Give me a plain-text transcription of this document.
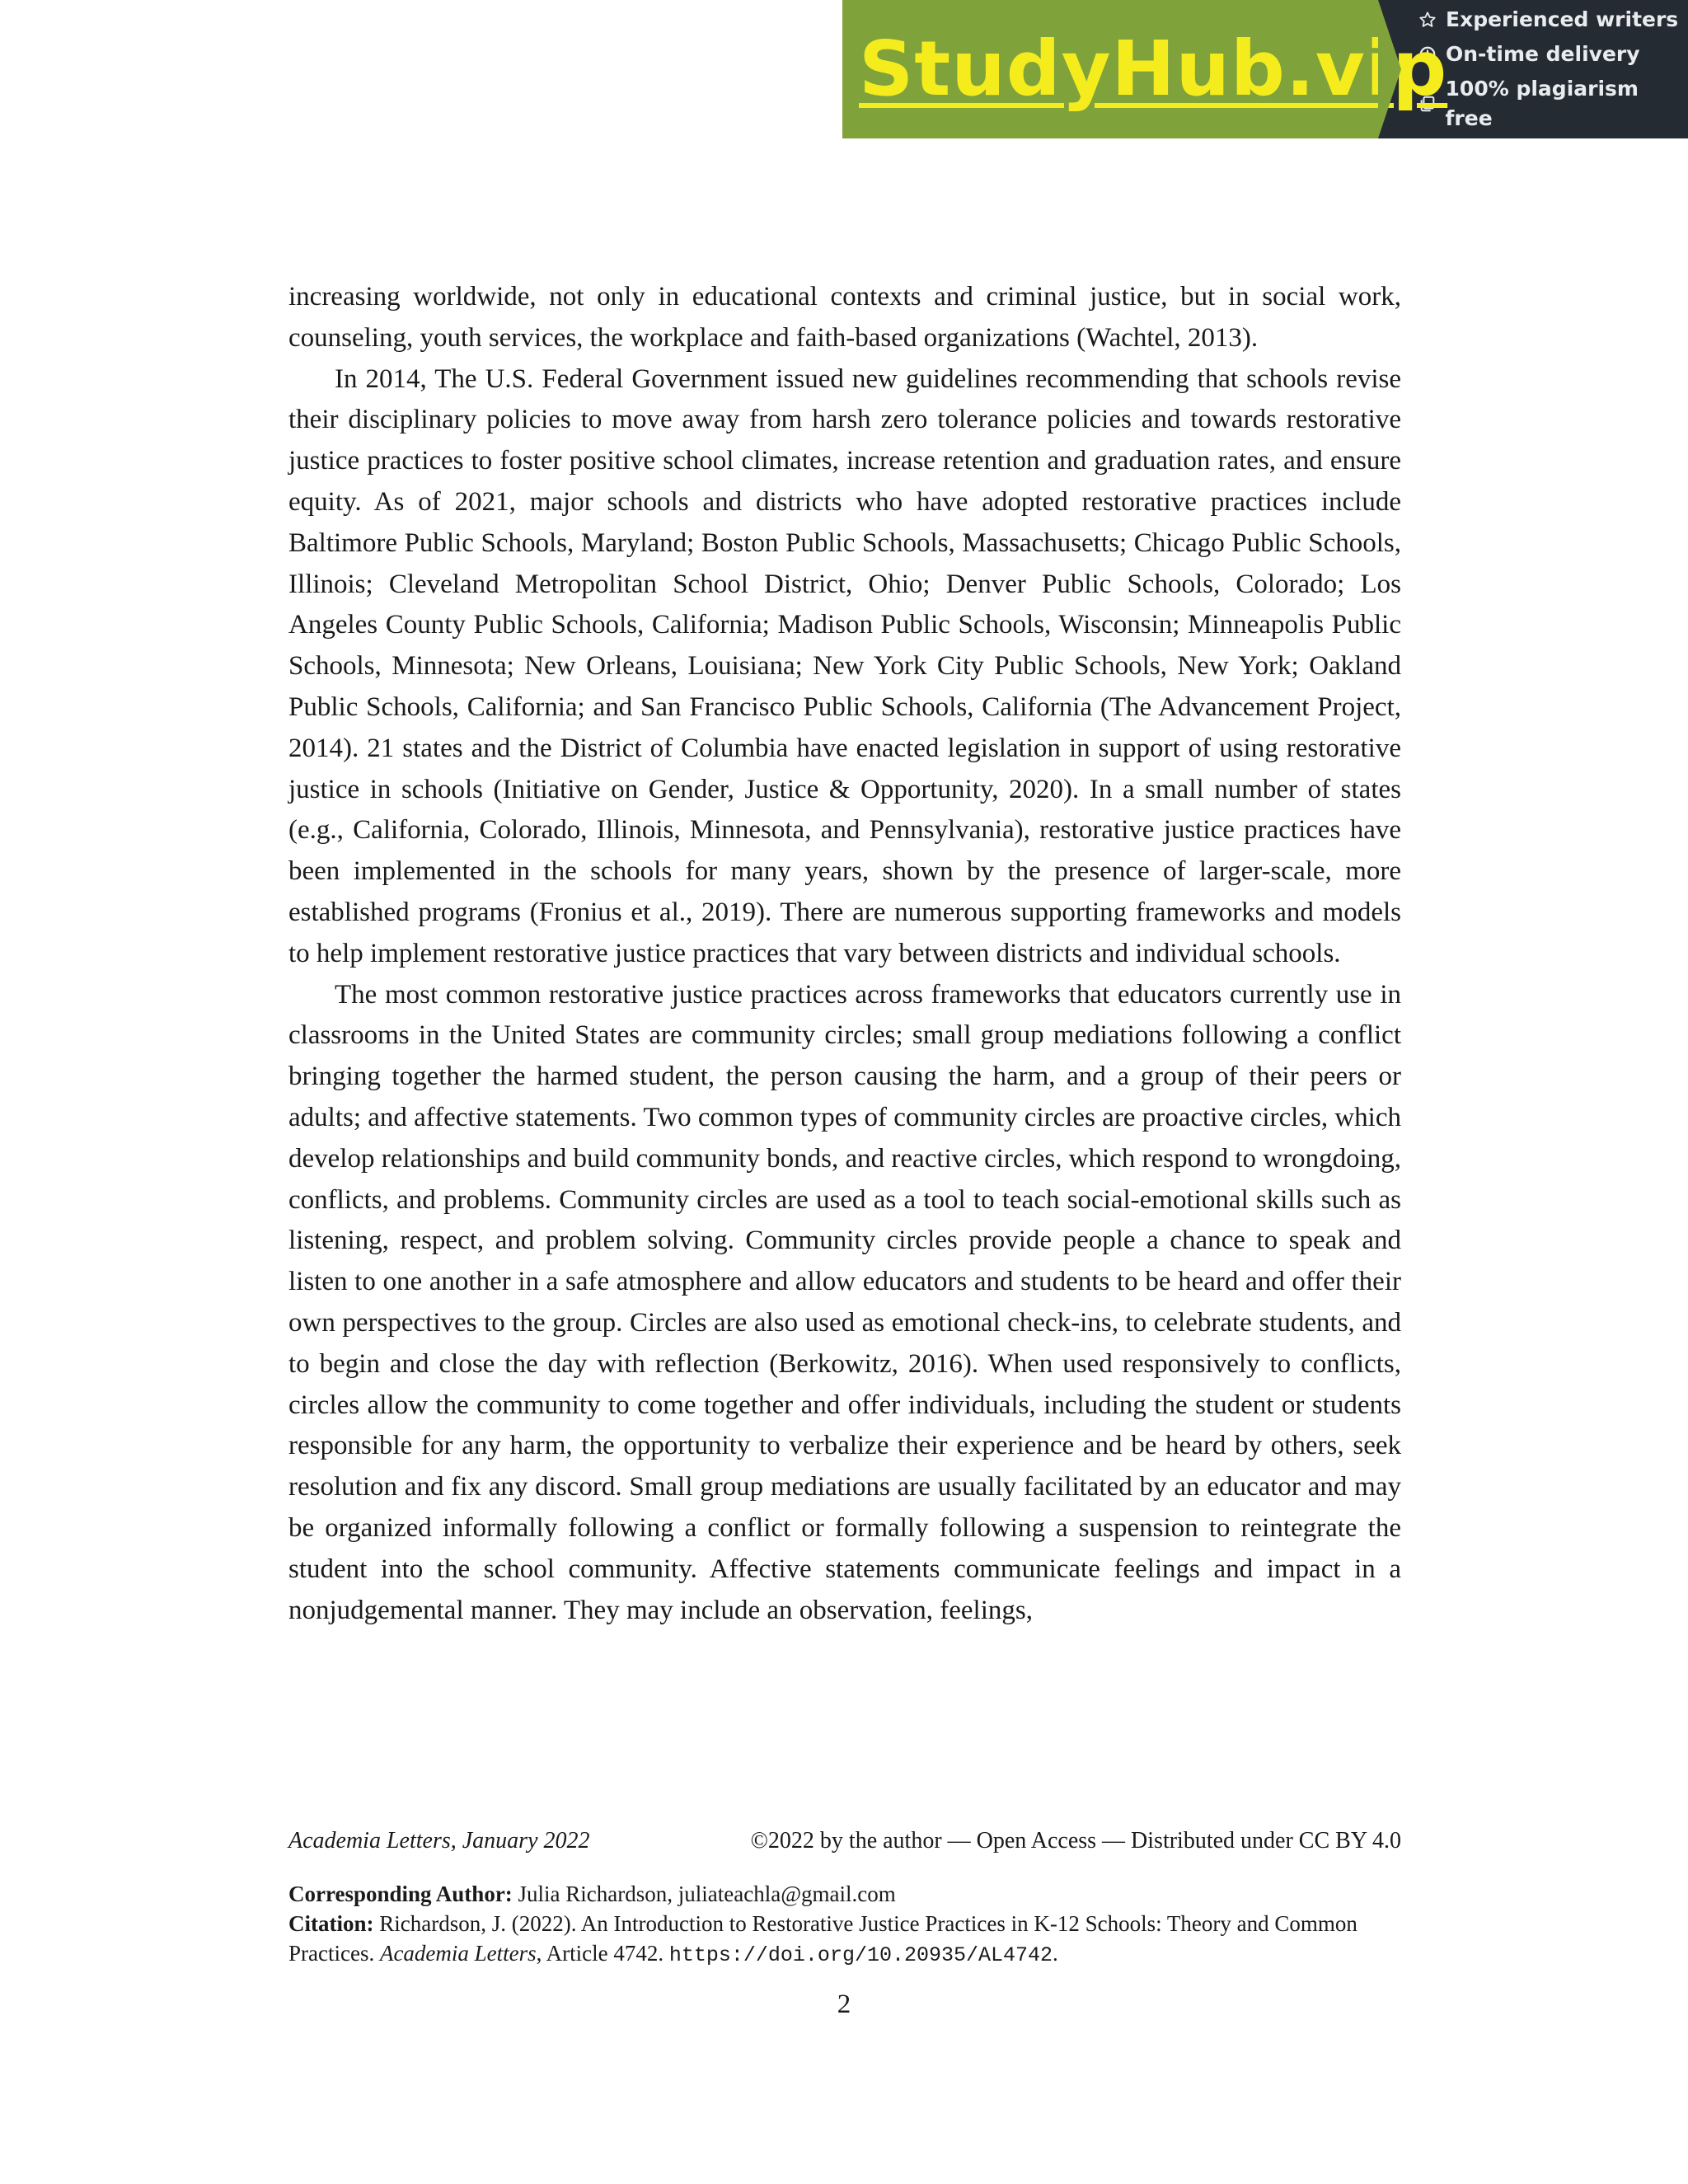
StudyHub.vip
Experienced writers
On-time delivery
100% plagiarism free

increasing worldwide, not only in educational contexts and criminal justice, but in social work, counseling, youth services, the workplace and faith-based organizations (Wachtel, 2013).

In 2014, The U.S. Federal Government issued new guidelines recommending that schools revise their disciplinary policies to move away from harsh zero tolerance policies and towards restorative justice practices to foster positive school climates, increase retention and graduation rates, and ensure equity. As of 2021, major schools and districts who have adopted restorative practices include Baltimore Public Schools, Maryland; Boston Public Schools, Massachusetts; Chicago Public Schools, Illinois; Cleveland Metropolitan School District, Ohio; Denver Public Schools, Colorado; Los Angeles County Public Schools, California; Madison Public Schools, Wisconsin; Minneapolis Public Schools, Minnesota; New Orleans, Louisiana; New York City Public Schools, New York; Oakland Public Schools, California; and San Francisco Public Schools, California (The Advancement Project, 2014). 21 states and the District of Columbia have enacted legislation in support of using restorative justice in schools (Initiative on Gender, Justice & Opportunity, 2020). In a small number of states (e.g., California, Colorado, Illinois, Minnesota, and Pennsylvania), restorative justice practices have been implemented in the schools for many years, shown by the presence of larger-scale, more established programs (Fronius et al., 2019). There are numerous supporting frameworks and models to help implement restorative justice practices that vary between districts and individual schools.

The most common restorative justice practices across frameworks that educators currently use in classrooms in the United States are community circles; small group mediations following a conflict bringing together the harmed student, the person causing the harm, and a group of their peers or adults; and affective statements. Two common types of community circles are proactive circles, which develop relationships and build community bonds, and reactive circles, which respond to wrongdoing, conflicts, and problems. Community circles are used as a tool to teach social-emotional skills such as listening, respect, and problem solving. Community circles provide people a chance to speak and listen to one another in a safe atmosphere and allow educators and students to be heard and offer their own perspectives to the group. Circles are also used as emotional check-ins, to celebrate students, and to begin and close the day with reflection (Berkowitz, 2016). When used responsively to conflicts, circles allow the community to come together and offer individuals, including the student or students responsible for any harm, the opportunity to verbalize their experience and be heard by others, seek resolution and fix any discord. Small group mediations are usually facilitated by an educator and may be organized informally following a conflict or formally following a suspension to reintegrate the student into the school community. Affective statements communicate feelings and impact in a nonjudgemental manner. They may include an observation, feelings,

Academia Letters, January 2022	©2022 by the author — Open Access — Distributed under CC BY 4.0
Corresponding Author: Julia Richardson, juliateachla@gmail.com
Citation: Richardson, J. (2022). An Introduction to Restorative Justice Practices in K-12 Schools: Theory and Common Practices. Academia Letters, Article 4742. https://doi.org/10.20935/AL4742.
2
